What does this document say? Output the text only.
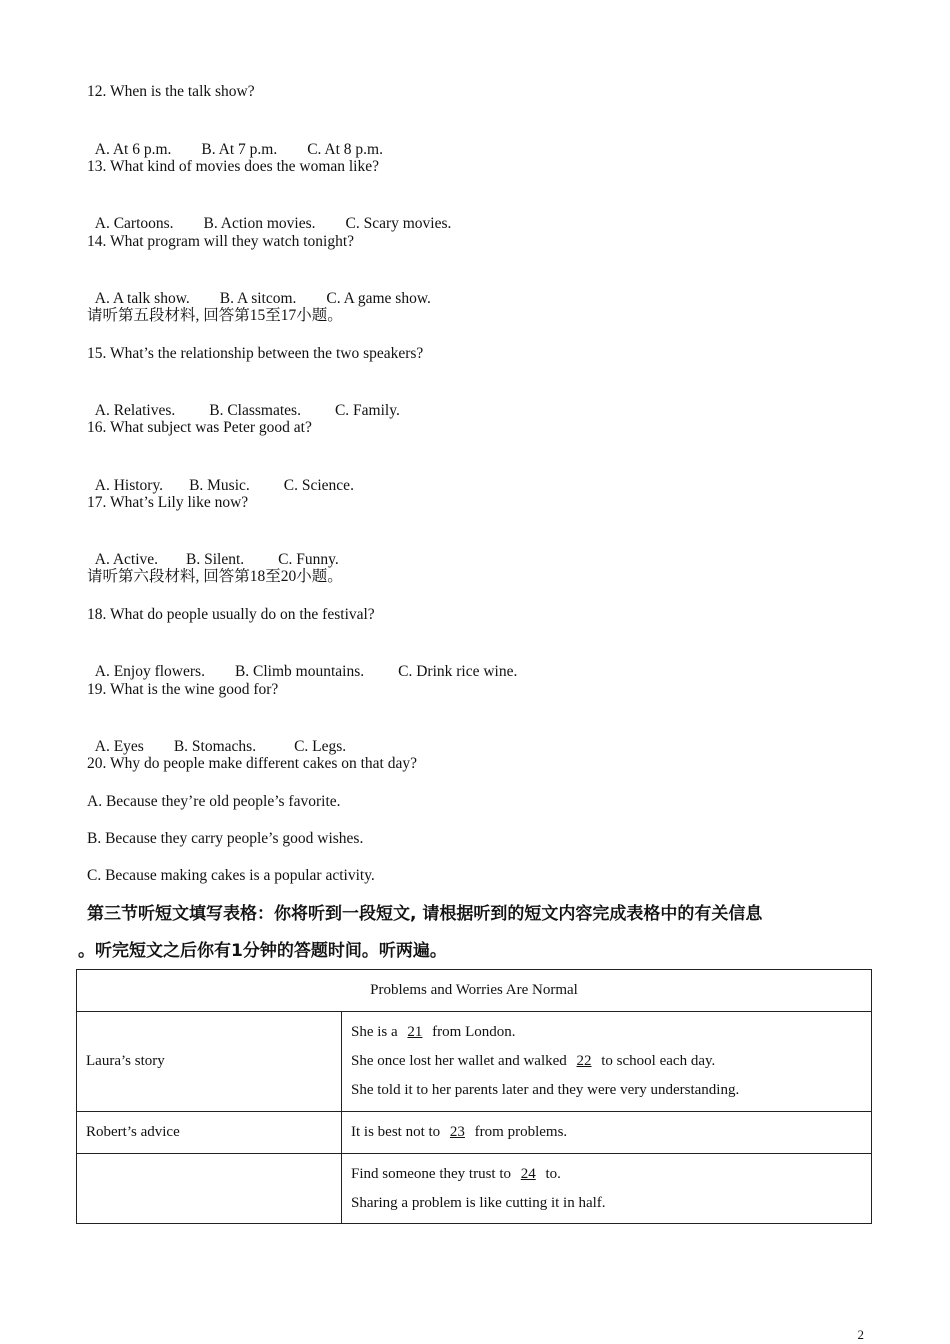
12. When is the talk show?

A. At 6 p.m. B. At 7 p.m. C. At 8 p.m.

13. What kind of movies does the woman like?

A. Cartoons. B. Action movies. C. Scary movies.

14. What program will they watch tonight?

A. A talk show. B. A sitcom. C. A game show.

请听第五段材料, 回答第15至17小题。
15. What’s the relationship between the two speakers?

A. Relatives. B. Classmates. C. Family.

16. What subject was Peter good at?

A. History. B. Music. C. Science.

17. What’s Lily like now?

A. Active. B. Silent. C. Funny.

请听第六段材料, 回答第18至20小题。
18. What do people usually do on the festival?

A. Enjoy flowers. B. Climb mountains. C. Drink rice wine.

19. What is the wine good for?

A. Eyes B. Stomachs. C. Legs.

20. Why do people make different cakes on that day?
A. Because they’re old people’s favorite.
B. Because they carry people’s good wishes.
C. Because making cakes is a popular activity.
第三节听短文填写表格：你将听到一段短文, 请根据听到的短文内容完成表格中的有关信息
。听完短文之后你有1分钟的答题时间。听两遍。
Problems and Worries Are Normal	
Laura’s story	She is a 21 from London.
She once lost her wallet and walked 22 to school each day.
She told it to her parents later and they were very understanding.

Robert’s advice	It is best not to 23 from problems.

	Find someone they trust to 24 to.
Sharing a problem is like cutting it in half.
2
